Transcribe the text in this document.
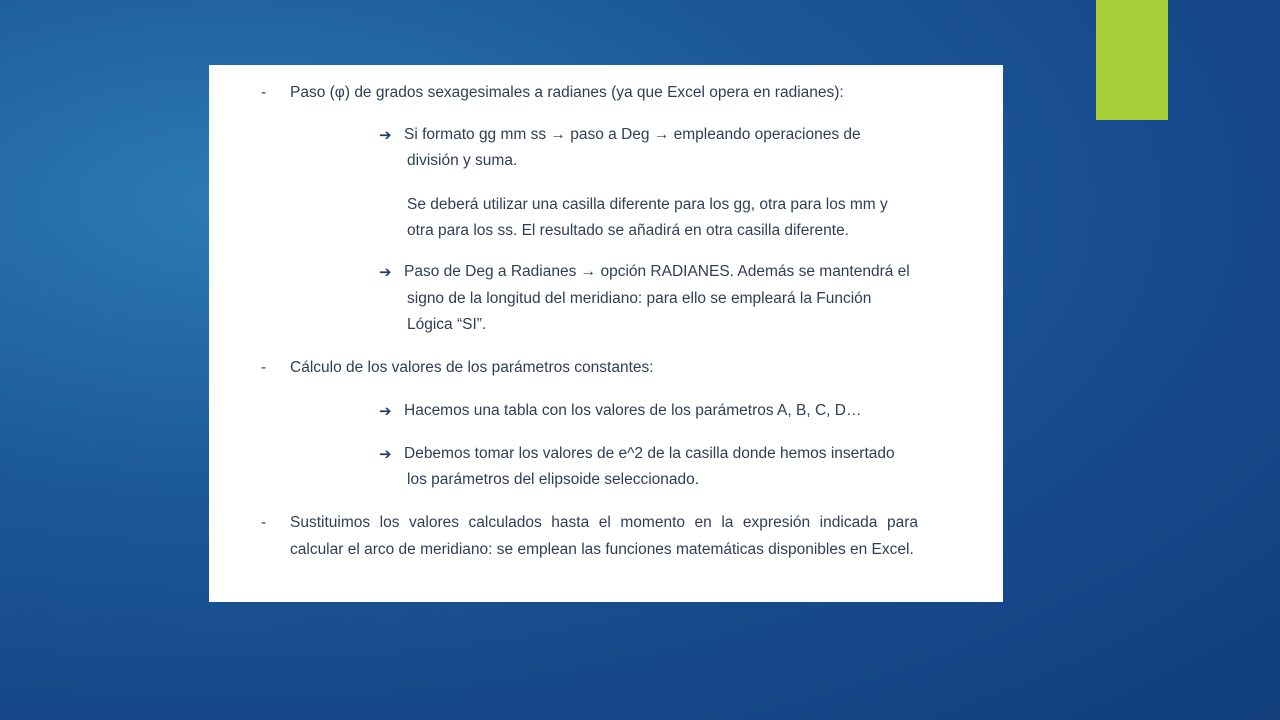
- Paso (φ) de grados sexagesimales a radianes (ya que Excel opera en radianes):
➔ Si formato gg mm ss → paso a Deg → empleando operaciones de
división y suma.
Se deberá utilizar una casilla diferente para los gg, otra para los mm y
otra para los ss. El resultado se añadirá en otra casilla diferente.
➔ Paso de Deg a Radianes → opción RADIANES. Además se mantendrá el
signo de la longitud del meridiano: para ello se empleará la Función
Lógica “SI”.
- Cálculo de los valores de los parámetros constantes:
➔ Hacemos una tabla con los valores de los parámetros A, B, C, D…
➔ Debemos tomar los valores de e^2 de la casilla donde hemos insertado
los parámetros del elipsoide seleccionado.
- Sustituimos los valores calculados hasta el momento en la expresión indicada para calcular el arco de meridiano: se emplean las funciones matemáticas disponibles en Excel.
